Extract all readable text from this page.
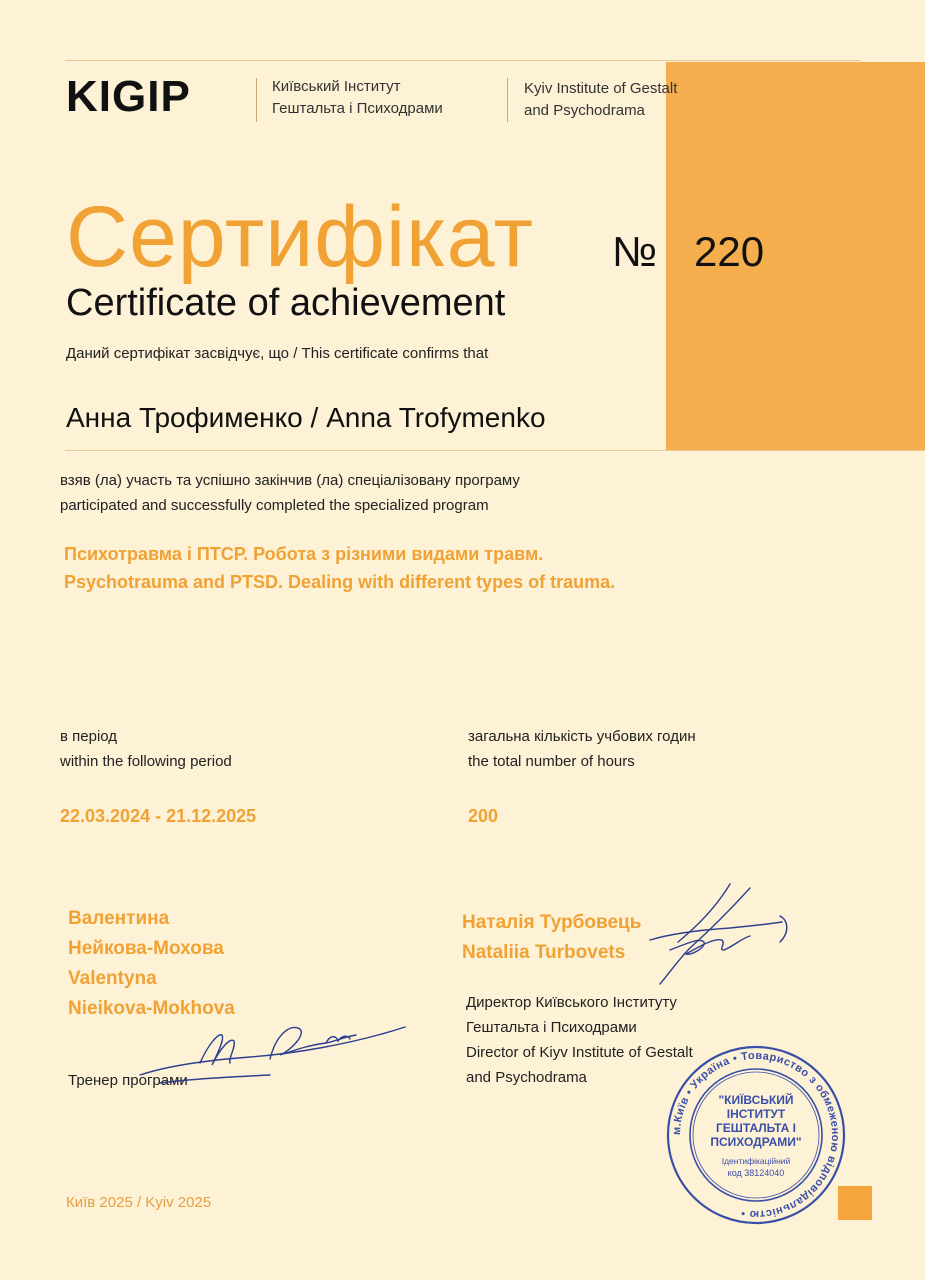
KIGIP	Київський Інститут
Гештальта і Психодрами
Kyiv Institute of Gestalt
and Psychodrama
Сертифікат № 220
Certificate of achievement
Даний сертифікат засвідчує, що / This certificate confirms that
Анна Трофименко / Anna Trofymenko
взяв (ла) участь та успішно закінчив (ла) спеціалізовану програму
participated and successfully completed the specialized program
Психотравма і ПТСР. Робота з різними видами травм.
Psychotrauma and PTSD. Dealing with different types of trauma.
в період
within the following period
загальна кількість учбових годин
the total number of hours
22.03.2024 - 21.12.2025	200
Валентина
Нейкова-Мохова
Valentyna
Nieikova-Mokhova
Тренер програми
Наталія Турбовець
Nataliia Turbovets
Директор Київського Інституту
Гештальта і Психодрами
Director of Kiyv Institute of Gestalt
and Psychodrama
м.Київ • Україна • Товариство з обмеженою відповідальністю •
"КИЇВСЬКИЙ
ІНСТИТУТ
ГЕШТАЛЬТА І
ПСИХОДРАМИ"
Ідентифікаційний
код 38124040
Київ 2025 / Kyiv 2025
